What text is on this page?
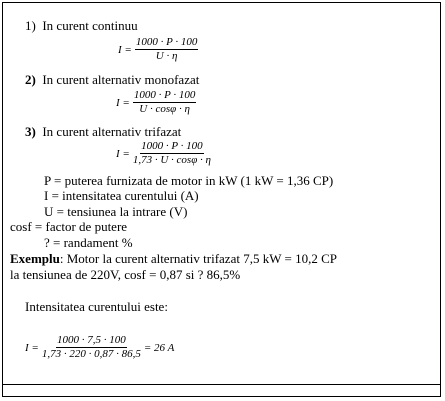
1) In curent continuu
$I = \frac{1000 \cdot P \cdot 100}{U \cdot \eta}$
2) In curent alternativ monofazat
$I = \frac{1000 \cdot P \cdot 100}{U \cdot \cos\varphi \cdot \eta}$
3) In curent alternativ trifazat
$I = \frac{1000 \cdot P \cdot 100}{1,73 \cdot U \cdot \cos\varphi \cdot \eta}$
P = puterea furnizata de motor in kW (1 kW = 1,36 CP)
I = intensitatea curentului (A)
U = tensiunea la intrare (V)
cosf = factor de putere
? = randament %
Exemplu: Motor la curent alternativ trifazat 7,5 kW = 10,2 CP
la tensiunea de 220V, cosf = 0,87 si ? 86,5%
Intensitatea curentului este:
$I = \frac{1000 \cdot 7,5 \cdot 100}{1,73 \cdot 220 \cdot 0,87 \cdot 86,5} = 26$ A
